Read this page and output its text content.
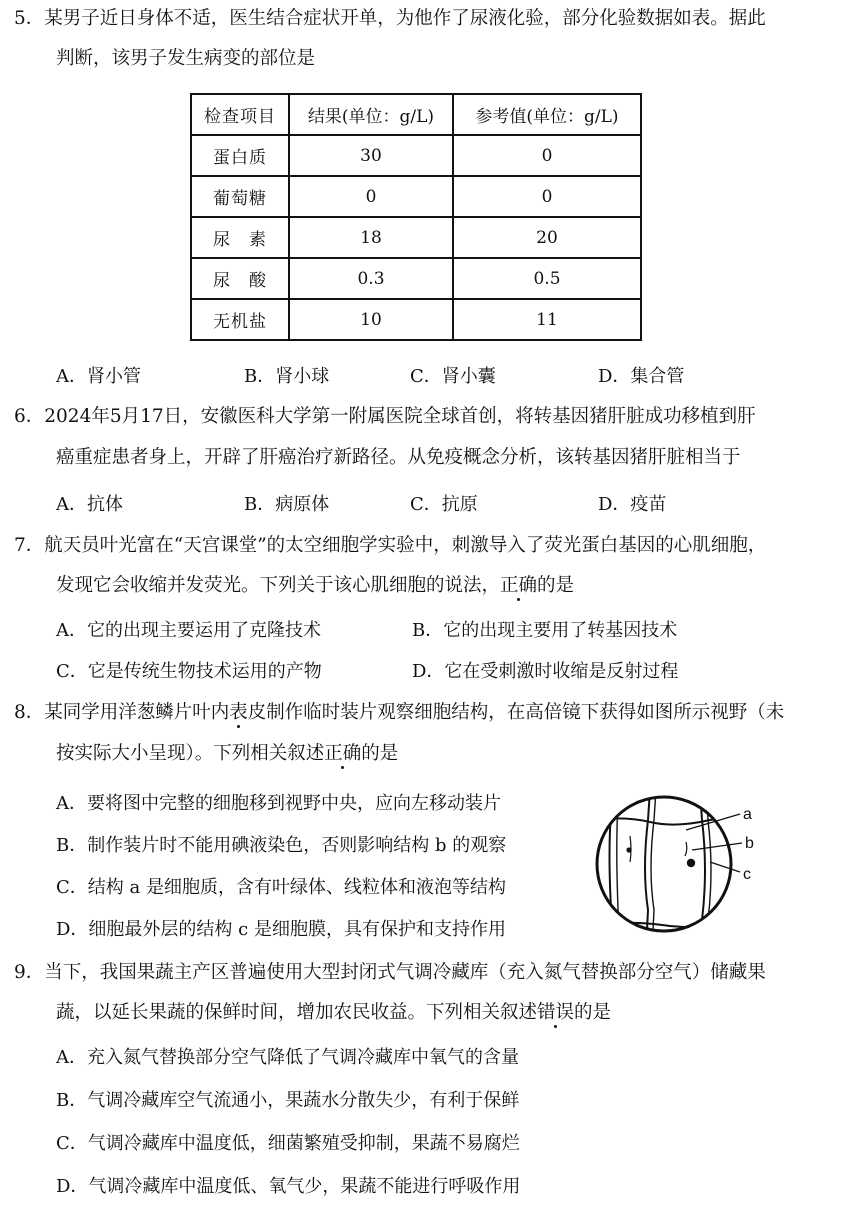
5．某男子近日身体不适，医生结合症状开单，为他作了尿液化验，部分化验数据如表。据此
判断，该男子发生病变的部位是
检查项目	结果(单位：g/L)	参考值(单位：g/L)
蛋白质	30	0
葡萄糖	0	0
尿　素	18	20
尿　酸	0.3	0.5
无机盐	10	11
A．肾小管	B．肾小球	C．肾小囊	D．集合管
6．2024年5月17日，安徽医科大学第一附属医院全球首创，将转基因猪肝脏成功移植到肝
癌重症患者身上，开辟了肝癌治疗新路径。从免疫概念分析，该转基因猪肝脏相当于
A．抗体	B．病原体	C．抗原	D．疫苗
7．航天员叶光富在“天宫课堂”的太空细胞学实验中，刺激导入了荧光蛋白基因的心肌细胞，
发现它会收缩并发荧光。下列关于该心肌细胞的说法，正确的是
A．它的出现主要运用了克隆技术	B．它的出现主要用了转基因技术
C．它是传统生物技术运用的产物	D．它在受刺激时收缩是反射过程
8．某同学用洋葱鳞片叶内表皮制作临时装片观察细胞结构，在高倍镜下获得如图所示视野（未
按实际大小呈现）。下列相关叙述正确的是
A．要将图中完整的细胞移到视野中央，应向左移动装片
B．制作装片时不能用碘液染色，否则影响结构 b 的观察
C．结构 a 是细胞质，含有叶绿体、线粒体和液泡等结构
D．细胞最外层的结构 c 是细胞膜，具有保护和支持作用
a
b
c
9．当下，我国果蔬主产区普遍使用大型封闭式气调冷藏库（充入氮气替换部分空气）储藏果
蔬，以延长果蔬的保鲜时间，增加农民收益。下列相关叙述错误的是
A．充入氮气替换部分空气降低了气调冷藏库中氧气的含量
B．气调冷藏库空气流通小，果蔬水分散失少，有利于保鲜
C．气调冷藏库中温度低，细菌繁殖受抑制，果蔬不易腐烂
D．气调冷藏库中温度低、氧气少，果蔬不能进行呼吸作用
